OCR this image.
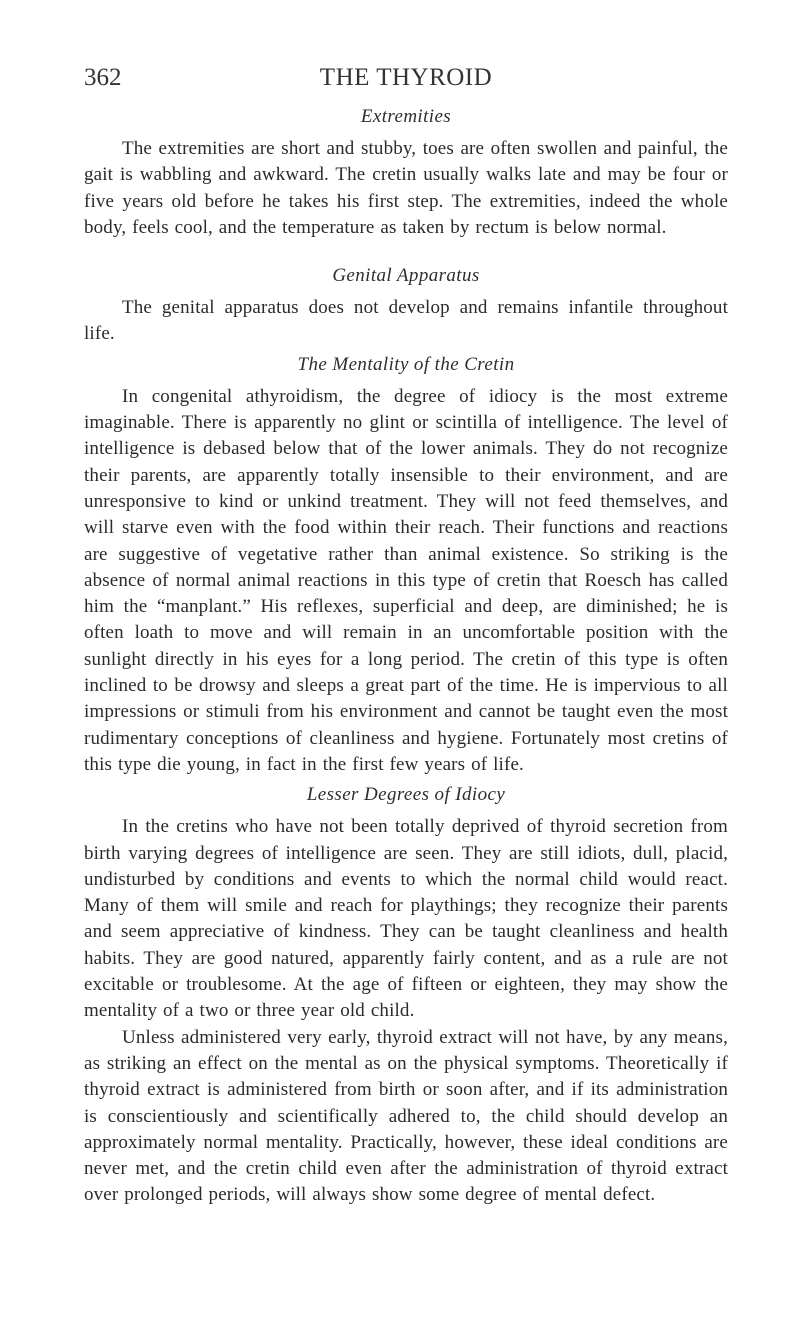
362	THE THYROID
Extremities

The extremities are short and stubby, toes are often swollen and painful, the gait is wabbling and awkward. The cretin usually walks late and may be four or five years old before he takes his first step. The extremities, indeed the whole body, feels cool, and the temperature as taken by rectum is below normal.

Genital Apparatus

The genital apparatus does not develop and remains infantile throughout life.

The Mentality of the Cretin

In congenital athyroidism, the degree of idiocy is the most extreme imaginable. There is apparently no glint or scintilla of intelligence. The level of intelligence is debased below that of the lower animals. They do not recognize their parents, are apparently totally insensible to their environment, and are unresponsive to kind or unkind treatment. They will not feed themselves, and will starve even with the food within their reach. Their functions and reactions are suggestive of vegetative rather than animal existence. So striking is the absence of normal animal reactions in this type of cretin that Roesch has called him the “manplant.” His reflexes, superficial and deep, are diminished; he is often loath to move and will remain in an uncomfortable position with the sunlight directly in his eyes for a long period. The cretin of this type is often inclined to be drowsy and sleeps a great part of the time. He is impervious to all impressions or stimuli from his environment and cannot be taught even the most rudimentary conceptions of cleanliness and hygiene. Fortunately most cretins of this type die young, in fact in the first few years of life.

Lesser Degrees of Idiocy

In the cretins who have not been totally deprived of thyroid secretion from birth varying degrees of intelligence are seen. They are still idiots, dull, placid, undisturbed by conditions and events to which the normal child would react. Many of them will smile and reach for playthings; they recognize their parents and seem appreciative of kindness. They can be taught cleanliness and health habits. They are good natured, apparently fairly content, and as a rule are not excitable or troublesome. At the age of fifteen or eighteen, they may show the mentality of a two or three year old child.

Unless administered very early, thyroid extract will not have, by any means, as striking an effect on the mental as on the physical symptoms. Theoretically if thyroid extract is administered from birth or soon after, and if its administration is conscientiously and scientifically adhered to, the child should develop an approximately normal mentality. Practically, however, these ideal conditions are never met, and the cretin child even after the administration of thyroid extract over prolonged periods, will always show some degree of mental defect.
